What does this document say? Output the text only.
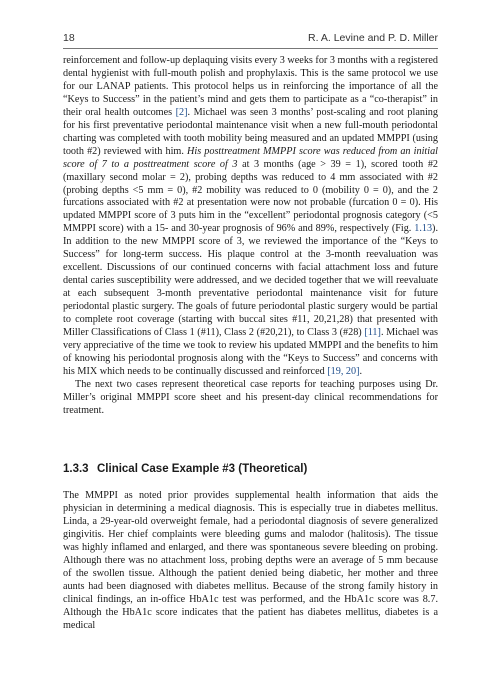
18	R. A. Levine and P. D. Miller

reinforcement and follow-up deplaquing visits every 3 weeks for 3 months with a registered dental hygienist with full-mouth polish and prophylaxis. This is the same protocol we use for our LANAP patients. This protocol helps us in reinforcing the importance of all the “Keys to Success” in the patient’s mind and gets them to participate as a “co-therapist” in their oral health outcomes [2]. Michael was seen 3 months’ post-scaling and root planing for his first preventative periodontal maintenance visit when a new full-mouth periodontal charting was completed with tooth mobility being measured and an updated MMPPI (using tooth #2) reviewed with him. His posttreatment MMPPI score was reduced from an initial score of 7 to a posttreatment score of 3 at 3 months (age > 39 = 1), scored tooth #2 (maxillary second molar = 2), probing depths was reduced to 4 mm associated with #2 (probing depths <5 mm = 0), #2 mobility was reduced to 0 (mobility 0 = 0), and the 2 furcations associated with #2 at presentation were now not probable (furcation 0 = 0). His updated MMPPI score of 3 puts him in the “excellent” periodontal prognosis category (<5 MMPPI score) with a 15- and 30-year prognosis of 96% and 89%, respectively (Fig. 1.13). In addition to the new MMPPI score of 3, we reviewed the importance of the “Keys to Success” for long-term success. His plaque control at the 3-month reevaluation was excellent. Discussions of our continued concerns with facial attachment loss and future dental caries susceptibility were addressed, and we decided together that we will reevaluate at each subsequent 3-month preventative periodontal maintenance visit for future periodontal plastic surgery. The goals of future periodontal plastic surgery would be partial to complete root coverage (starting with buccal sites #11, 20,21,28) that presented with Miller Classifications of Class 1 (#11), Class 2 (#20,21), to Class 3 (#28) [11]. Michael was very appreciative of the time we took to review his updated MMPPI and the benefits to him of knowing his periodontal prognosis along with the “Keys to Success” and concerns with his MIX which needs to be continually discussed and reinforced [19, 20].

The next two cases represent theoretical case reports for teaching purposes using Dr. Miller’s original MMPPI score sheet and his present-day clinical recommendations for treatment.

1.3.3 Clinical Case Example #3 (Theoretical)

The MMPPI as noted prior provides supplemental health information that aids the physician in determining a medical diagnosis. This is especially true in diabetes mellitus. Linda, a 29-year-old overweight female, had a periodontal diagnosis of severe generalized gingivitis. Her chief complaints were bleeding gums and malodor (halitosis). The tissue was highly inflamed and enlarged, and there was spontaneous severe bleeding on probing. Although there was no attachment loss, probing depths were an average of 5 mm because of the swollen tissue. Although the patient denied being diabetic, her mother and three aunts had been diagnosed with diabetes mellitus. Because of the strong family history in clinical findings, an in-office HbA1c test was performed, and the HbA1c score was 8.7. Although the HbA1c score indicates that the patient has diabetes mellitus, diabetes is a medical
